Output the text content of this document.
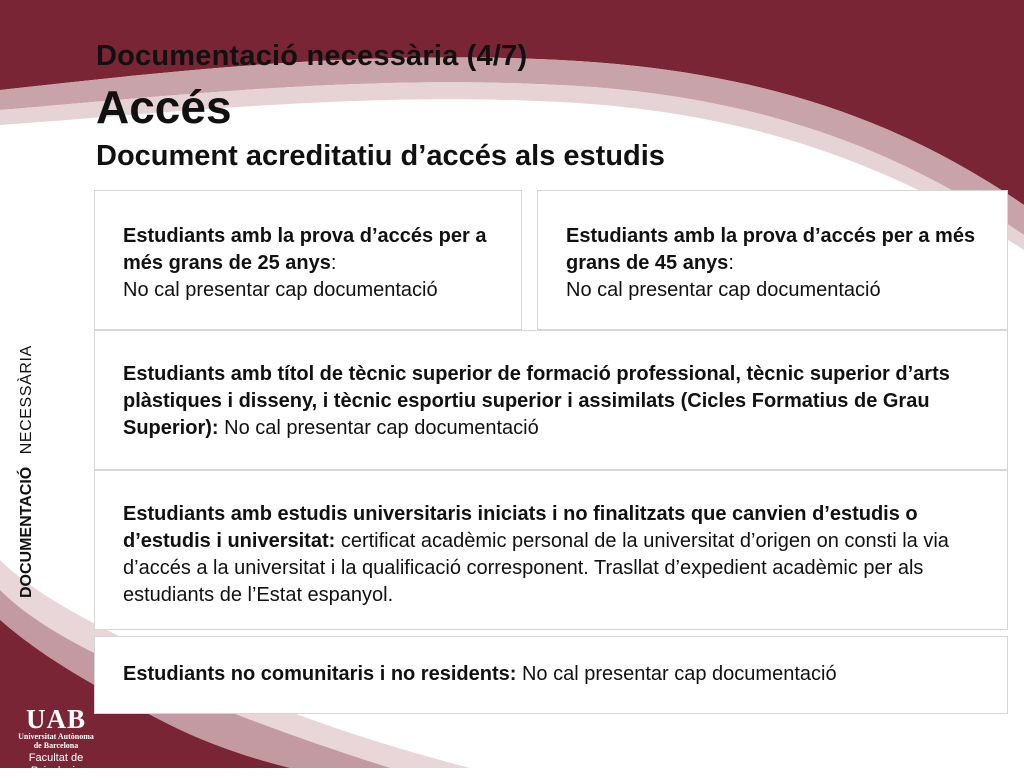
Documentació necessària (4/7)
Accés
Document acreditatiu d’accés als estudis
DOCUMENTACIÓ NECESSÀRIA
Estudiants amb la prova d’accés per a més grans de 25 anys:
No cal presentar cap documentació
Estudiants amb la prova d’accés per a més grans de 45 anys:
No cal presentar cap documentació
Estudiants amb títol de tècnic superior de formació professional, tècnic superior d’arts plàstiques i disseny, i tècnic esportiu superior i assimilats (Cicles Formatius de Grau Superior): No cal presentar cap documentació
Estudiants amb estudis universitaris iniciats i no finalitzats que canvien d’estudis o d’estudis i universitat: certificat acadèmic personal de la universitat d’origen on consti la via d’accés a la universitat i la qualificació corresponent. Trasllat d’expedient acadèmic per als estudiants de l’Estat espanyol.
Estudiants no comunitaris i no residents: No cal presentar cap documentació
UAB
Universitat Autònoma
de Barcelona
Facultat de Psicologia
